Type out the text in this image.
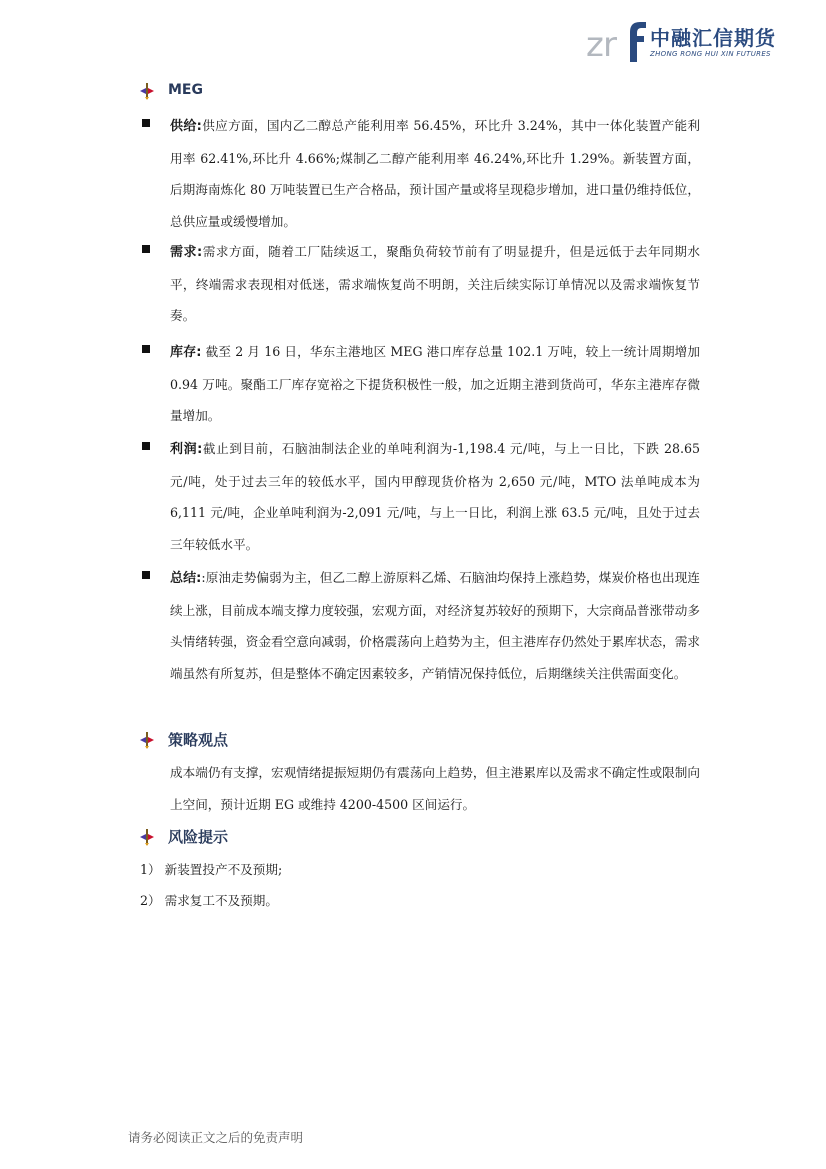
z r 中融汇信期货
ZHONG RONG HUI XIN FUTURES
MEG
供给:供应方面，国内乙二醇总产能利用率 56.45%，环比升 3.24%，其中一体化装置产能利用率 62.41%,环比升 4.66%;煤制乙二醇产能利用率 46.24%,环比升 1.29%。新装置方面，后期海南炼化 80 万吨装置已生产合格品，预计国产量或将呈现稳步增加，进口量仍维持低位，总供应量或缓慢增加。
需求:需求方面，随着工厂陆续返工，聚酯负荷较节前有了明显提升，但是远低于去年同期水平，终端需求表现相对低迷，需求端恢复尚不明朗，关注后续实际订单情况以及需求端恢复节奏。
库存: 截至 2 月 16 日，华东主港地区 MEG 港口库存总量 102.1 万吨，较上一统计周期增加 0.94 万吨。聚酯工厂库存宽裕之下提货积极性一般，加之近期主港到货尚可，华东主港库存微量增加。
利润:截止到目前，石脑油制法企业的单吨利润为-1,198.4 元/吨，与上一日比，下跌 28.65 元/吨，处于过去三年的较低水平，国内甲醇现货价格为 2,650 元/吨，MTO 法单吨成本为 6,111 元/吨，企业单吨利润为-2,091 元/吨，与上一日比，利润上涨 63.5 元/吨，且处于过去三年较低水平。
总结::原油走势偏弱为主，但乙二醇上游原料乙烯、石脑油均保持上涨趋势，煤炭价格也出现连续上涨，目前成本端支撑力度较强，宏观方面，对经济复苏较好的预期下，大宗商品普涨带动多头情绪转强，资金看空意向减弱，价格震荡向上趋势为主，但主港库存仍然处于累库状态，需求端虽然有所复苏，但是整体不确定因素较多，产销情况保持低位，后期继续关注供需面变化。
策略观点
成本端仍有支撑，宏观情绪提振短期仍有震荡向上趋势，但主港累库以及需求不确定性或限制向上空间，预计近期 EG 或维持 4200-4500 区间运行。
风险提示
1） 新装置投产不及预期;
2） 需求复工不及预期。
请务必阅读正文之后的免责声明
